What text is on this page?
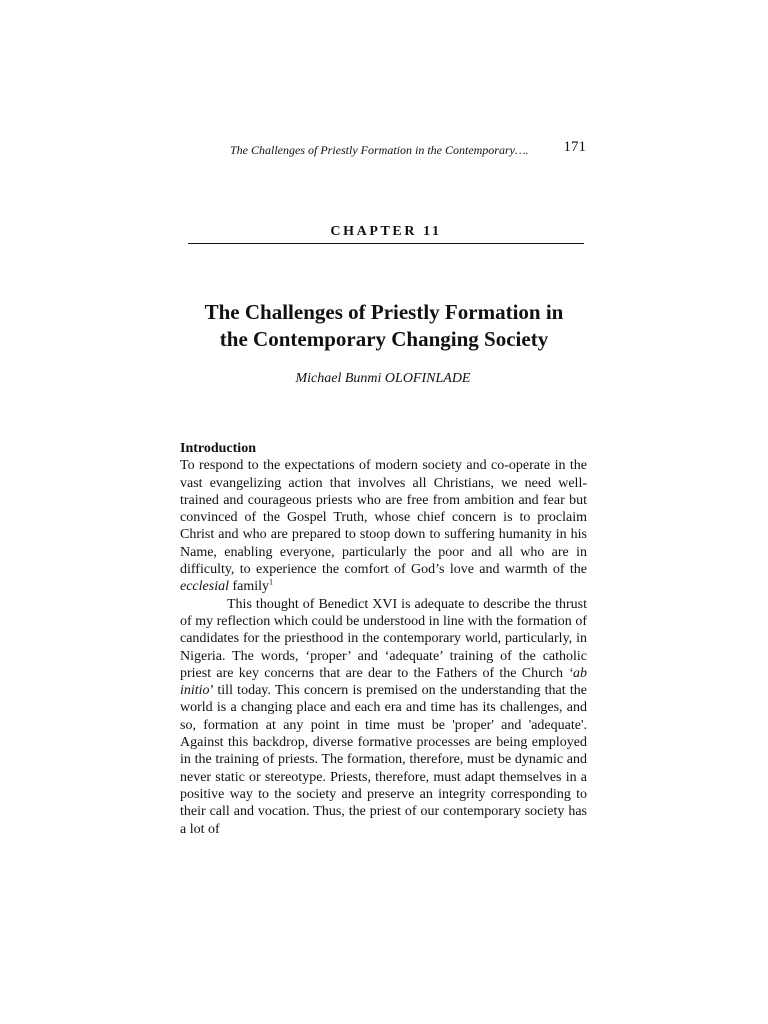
The Challenges of Priestly Formation in the Contemporary…. 171
CHAPTER 11
The Challenges of Priestly Formation in
the Contemporary Changing Society
Michael Bunmi OLOFINLADE

Introduction

To respond to the expectations of modern society and co-operate in the vast evangelizing action that involves all Christians, we need well-trained and courageous priests who are free from ambition and fear but convinced of the Gospel Truth, whose chief concern is to proclaim Christ and who are prepared to stoop down to suffering humanity in his Name, enabling everyone, particularly the poor and all who are in difficulty, to experience the comfort of God’s love and warmth of the ecclesial family$^1$

This thought of Benedict XVI is adequate to describe the thrust of my reflection which could be understood in line with the formation of candidates for the priesthood in the contemporary world, particularly, in Nigeria. The words, ‘proper’ and ‘adequate’ training of the catholic priest are key concerns that are dear to the Fathers of the Church ‘ab initio’ till today. This concern is premised on the understanding that the world is a changing place and each era and time has its challenges, and so, formation at any point in time must be 'proper' and 'adequate'. Against this backdrop, diverse formative processes are being employed in the training of priests. The formation, therefore, must be dynamic and never static or stereotype. Priests, therefore, must adapt themselves in a positive way to the society and preserve an integrity corresponding to their call and vocation. Thus, the priest of our contemporary society has a lot of
